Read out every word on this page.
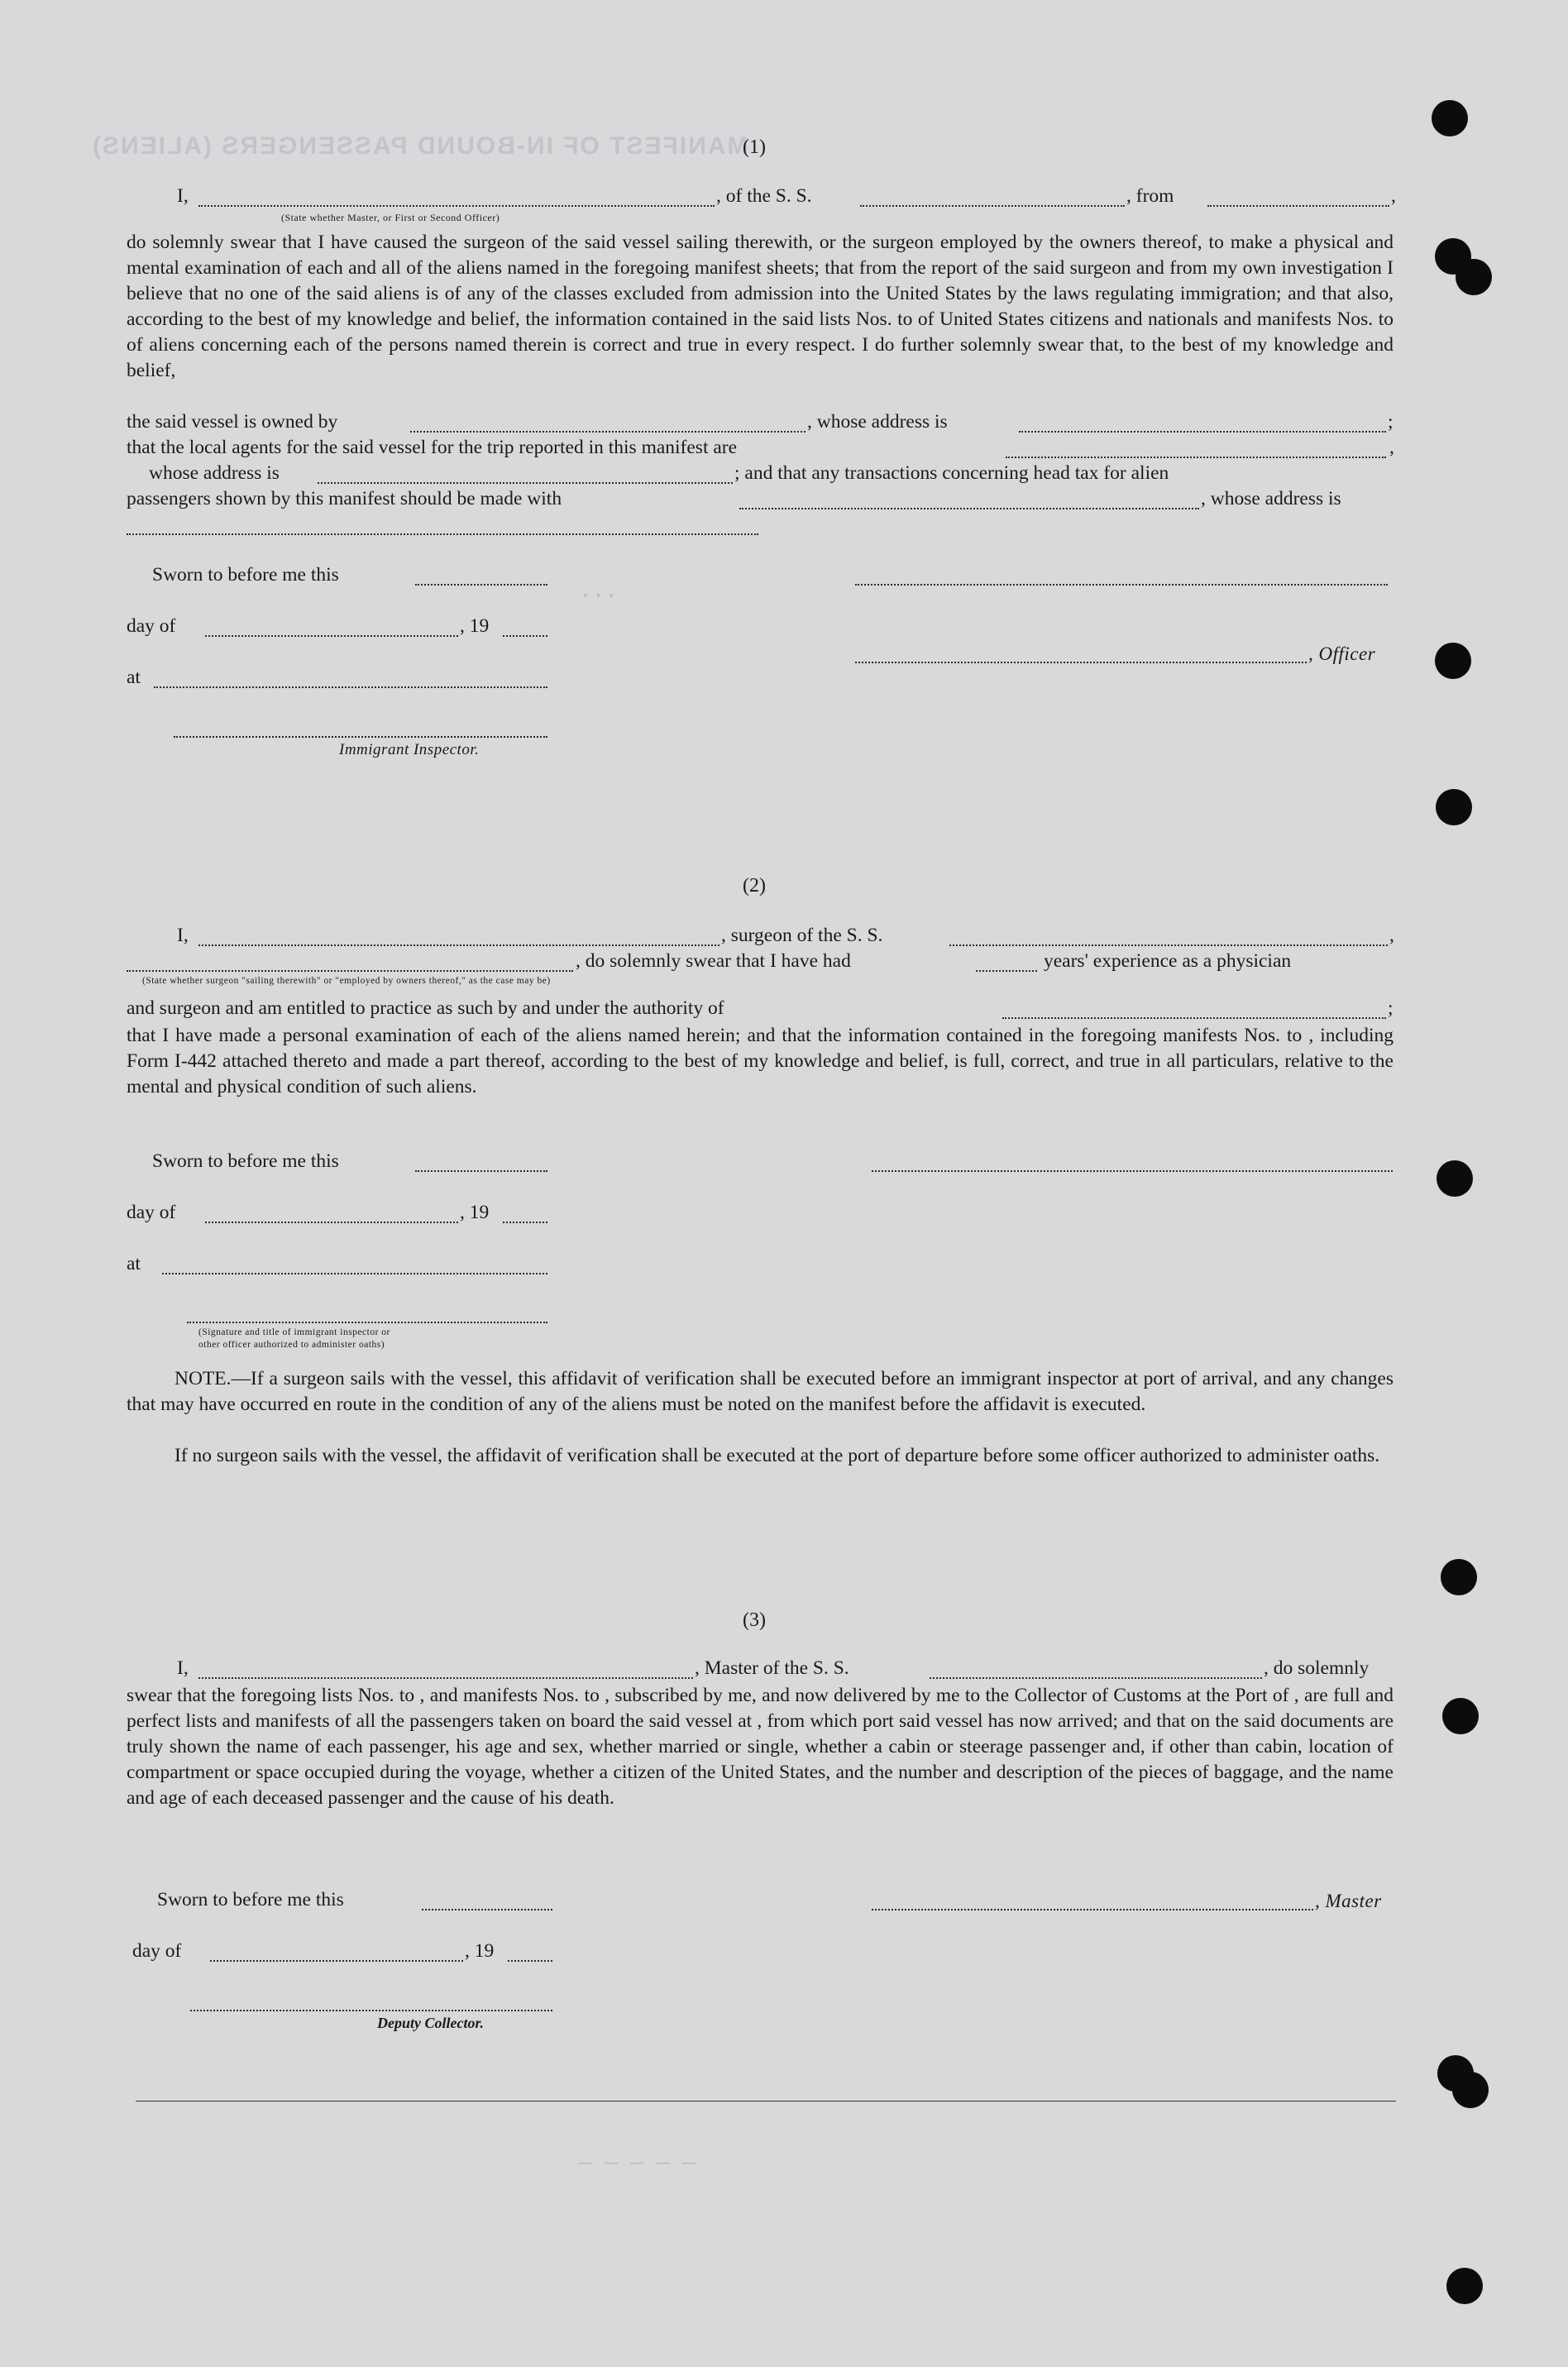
MANIFEST OF IN-BOUND PASSENGERS (ALIENS)
...
(1)
I,	, of the S. S.	, from	,
(State whether Master, or First or Second Officer)
do solemnly swear that I have caused the surgeon of the said vessel sailing therewith, or the surgeon employed by the owners thereof, to make a physical and mental examination of each and all of the aliens named in the foregoing manifest sheets; that from the report of the said surgeon and from my own investigation I believe that no one of the said aliens is of any of the classes excluded from admission into the United States by the laws regulating immigration; and that also, according to the best of my knowledge and belief, the information contained in the said lists Nos. to of United States citizens and nationals and manifests Nos. to of aliens concerning each of the persons named therein is correct and true in every respect. I do further solemnly swear that, to the best of my knowledge and belief,
the said vessel is owned by	, whose address is	;
that the local agents for the said vessel for the trip reported in this manifest are	,
whose address is	; and that any transactions concerning head tax for alien
passengers shown by this manifest should be made with	, whose address is
Sworn to before me this
day of	, 19
, Officer
at
Immigrant Inspector.
(2)
I,	, surgeon of the S. S.	,
, do solemnly swear that I have had	years' experience as a physician
(State whether surgeon "sailing therewith" or "employed by owners thereof," as the case may be)
and surgeon and am entitled to practice as such by and under the authority of	;
that I have made a personal examination of each of the aliens named herein; and that the information contained in the foregoing manifests Nos. to , including Form I-442 attached thereto and made a part thereof, according to the best of my knowledge and belief, is full, correct, and true in all particulars, relative to the mental and physical condition of such aliens.
Sworn to before me this
day of	, 19
at
(Signature and title of immigrant inspector or
other officer authorized to administer oaths)
NOTE.—If a surgeon sails with the vessel, this affidavit of verification shall be executed before an immigrant inspector at port of arrival, and any changes that may have occurred en route in the condition of any of the aliens must be noted on the manifest before the affidavit is executed.
If no surgeon sails with the vessel, the affidavit of verification shall be executed at the port of departure before some officer authorized to administer oaths.
(3)
I,	, Master of the S. S.	, do solemnly
swear that the foregoing lists Nos. to , and manifests Nos. to , subscribed by me, and now delivered by me to the Collector of Customs at the Port of , are full and perfect lists and manifests of all the passengers taken on board the said vessel at , from which port said vessel has now arrived; and that on the said documents are truly shown the name of each passenger, his age and sex, whether married or single, whether a cabin or steerage passenger and, if other than cabin, location of compartment or space occupied during the voyage, whether a citizen of the United States, and the number and description of the pieces of baggage, and the name and age of each deceased passenger and the cause of his death.
Sworn to before me this	, Master
day of	, 19
Deputy Collector.
— — — — —
